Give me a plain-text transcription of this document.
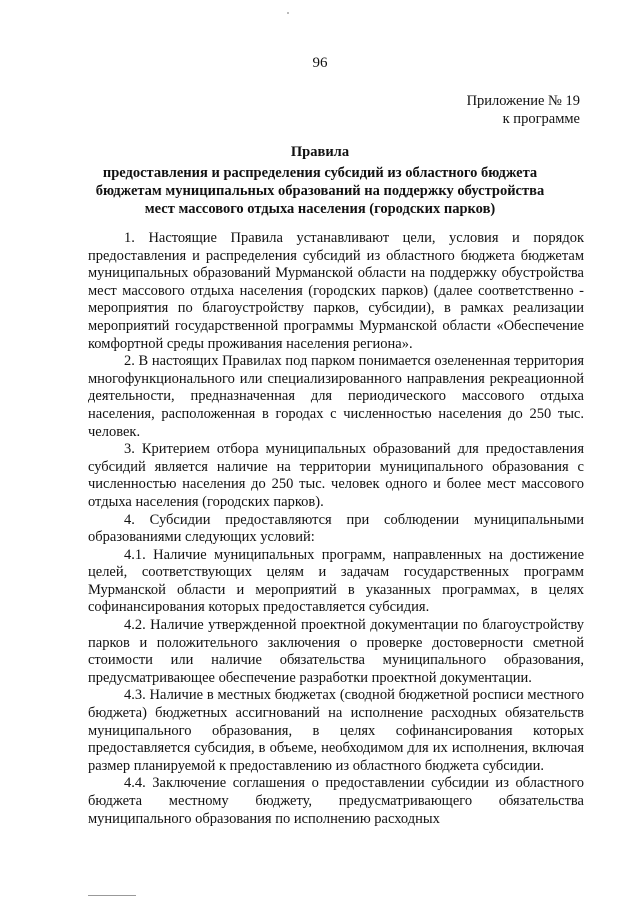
96
Приложение № 19
к программе
Правила
предоставления и распределения субсидий из областного бюджета
бюджетам муниципальных образований на поддержку обустройства
мест массового отдыха населения (городских парков)
1. Настоящие Правила устанавливают цели, условия и порядок предоставления и распределения субсидий из областного бюджета бюджетам муниципальных образований Мурманской области на поддержку обустройства мест массового отдыха населения (городских парков) (далее соответственно - мероприятия по благоустройству парков, субсидии), в рамках реализации мероприятий государственной программы Мурманской области «Обеспечение комфортной среды проживания населения региона».
2. В настоящих Правилах под парком понимается озелененная территория многофункционального или специализированного направления рекреационной деятельности, предназначенная для периодического массового отдыха населения, расположенная в городах с численностью населения до 250 тыс. человек.
3. Критерием отбора муниципальных образований для предоставления субсидий является наличие на территории муниципального образования с численностью населения до 250 тыс. человек одного и более мест массового отдыха населения (городских парков).
4. Субсидии предоставляются при соблюдении муниципальными образованиями следующих условий:
4.1. Наличие муниципальных программ, направленных на достижение целей, соответствующих целям и задачам государственных программ Мурманской области и мероприятий в указанных программах, в целях софинансирования которых предоставляется субсидия.
4.2. Наличие утвержденной проектной документации по благоустройству парков и положительного заключения о проверке достоверности сметной стоимости или наличие обязательства муниципального образования, предусматривающее обеспечение разработки проектной документации.
4.3. Наличие в местных бюджетах (сводной бюджетной росписи местного бюджета) бюджетных ассигнований на исполнение расходных обязательств муниципального образования, в целях софинансирования которых предоставляется субсидия, в объеме, необходимом для их исполнения, включая размер планируемой к предоставлению из областного бюджета субсидии.
4.4. Заключение соглашения о предоставлении субсидии из областного бюджета местному бюджету, предусматривающего обязательства муниципального образования по исполнению расходных
